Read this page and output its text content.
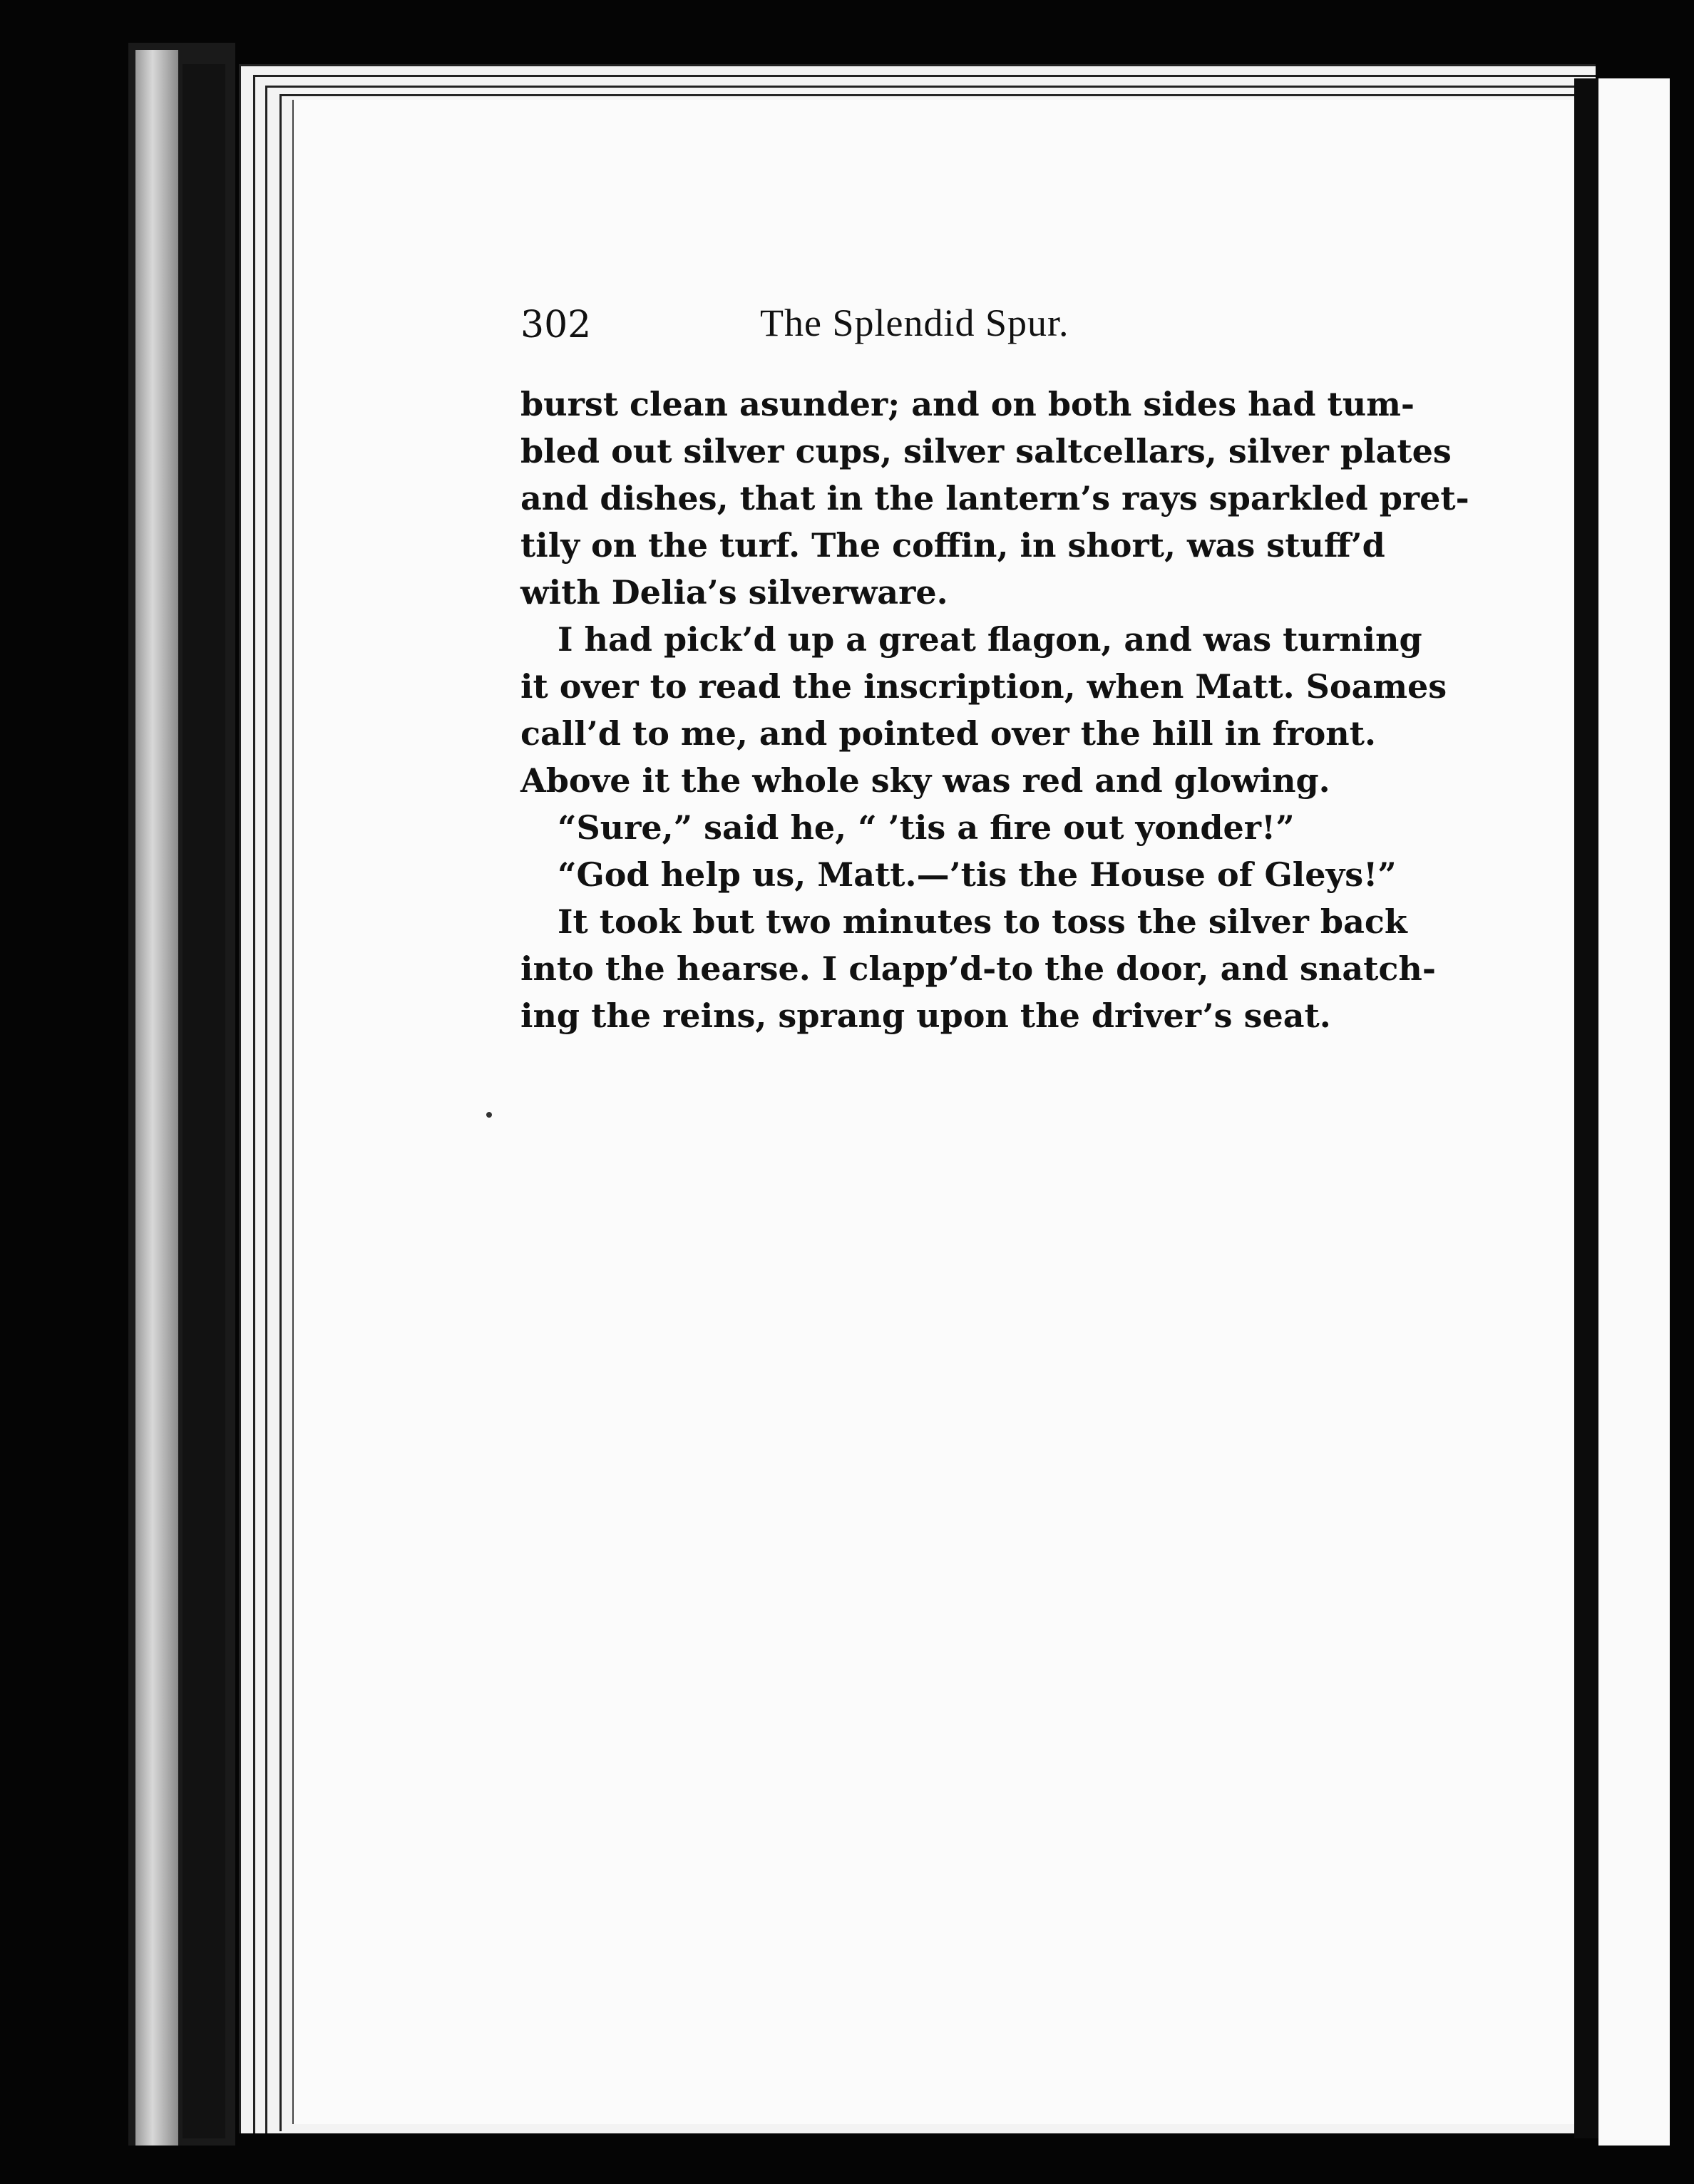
302	The Splendid Spur.
burst clean asunder; and on both sides had tum-
bled out silver cups, silver saltcellars, silver plates
and dishes, that in the lantern’s rays sparkled pret-
tily on the turf. The coffin, in short, was stuff’d
with Delia’s silverware.
I had pick’d up a great flagon, and was turning
it over to read the inscription, when Matt. Soames
call’d to me, and pointed over the hill in front.
Above it the whole sky was red and glowing.
“Sure,” said he, “ ’tis a fire out yonder!”
“God help us, Matt.—’tis the House of Gleys!”
It took but two minutes to toss the silver back
into the hearse. I clapp’d-to the door, and snatch-
ing the reins, sprang upon the driver’s seat.
